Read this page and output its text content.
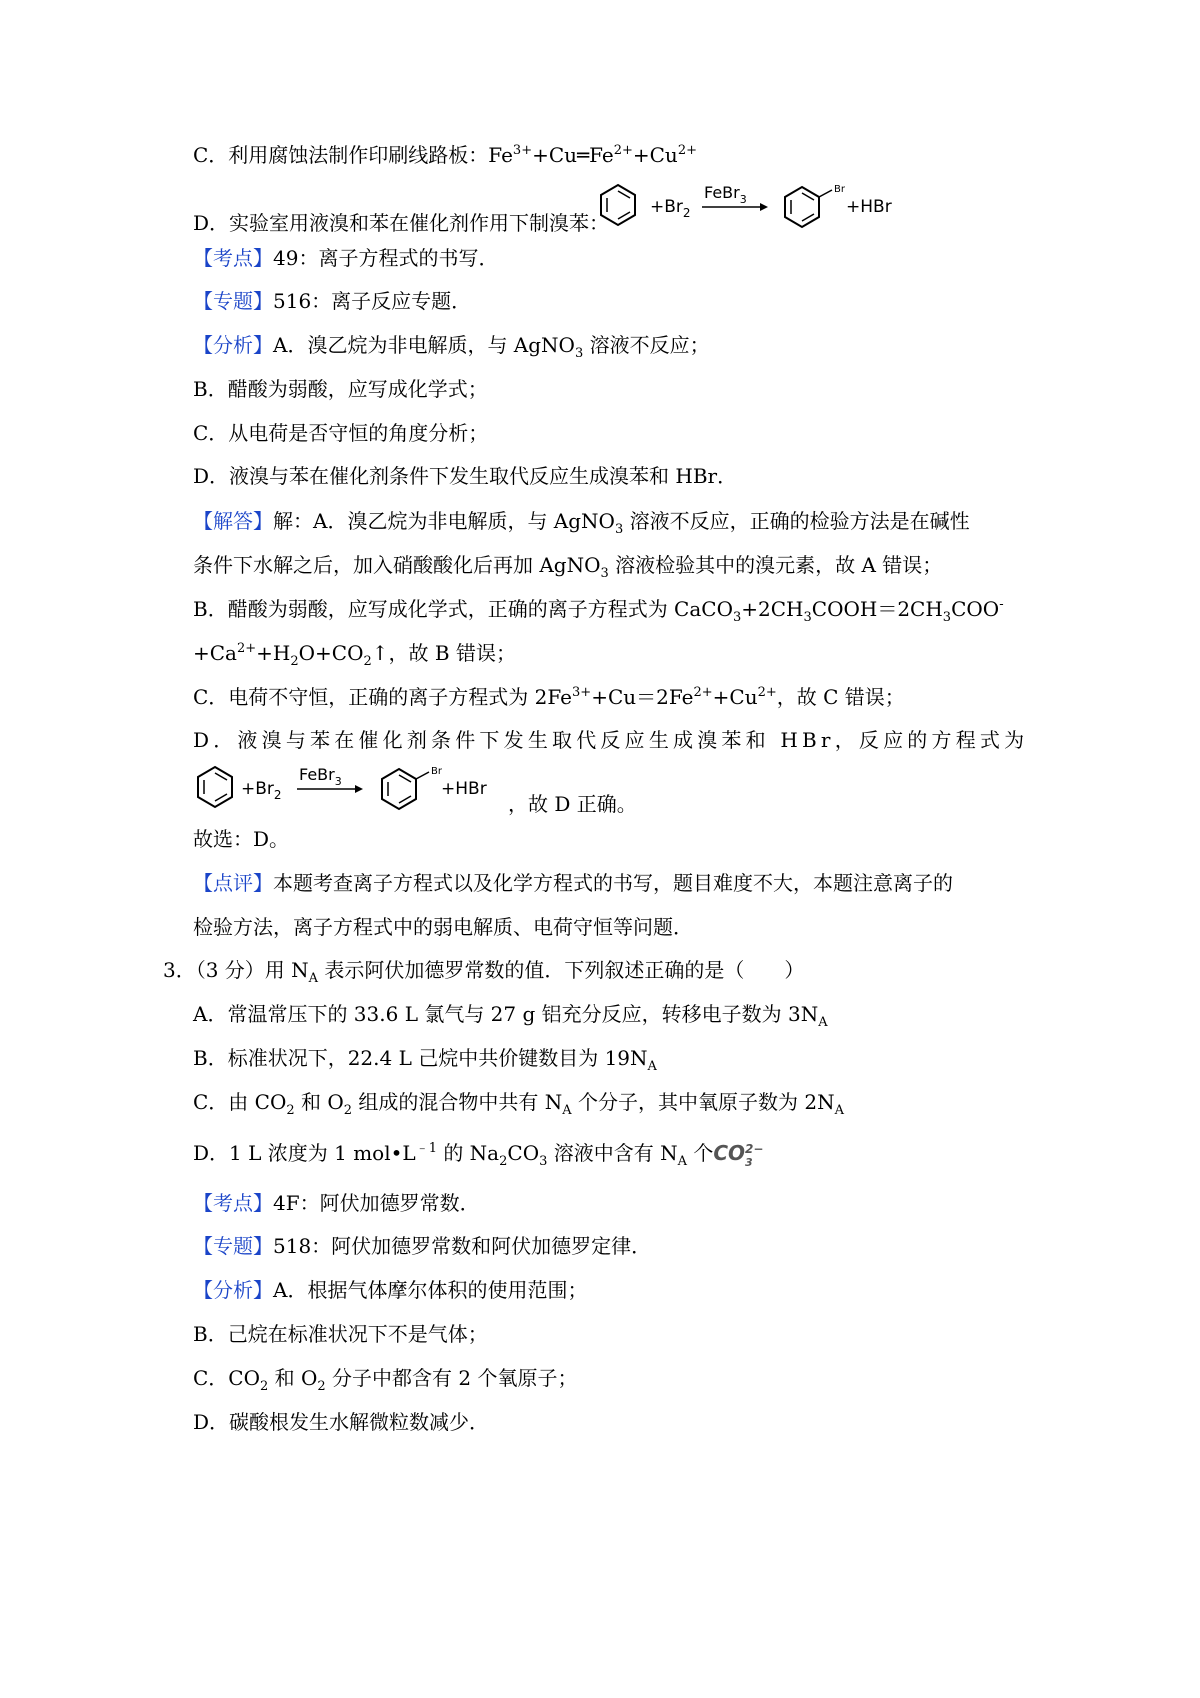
C．利用腐蚀法制作印刷线路板：$Fe^{3+}+Cu═Fe^{2+}+Cu^{2+}$
D．实验室用液溴和苯在催化剂作用下制溴苯：
$+Br_2$
FeBr$_3$
Br
+HBr
【考点】49：离子方程式的书写．
【专题】516：离子反应专题．
【分析】A．溴乙烷为非电解质，与 AgNO$_3$ 溶液不反应；
B．醋酸为弱酸，应写成化学式；
C．从电荷是否守恒的角度分析；
D．液溴与苯在催化剂条件下发生取代反应生成溴苯和 HBr．
【解答】解：A．溴乙烷为非电解质，与 AgNO$_3$ 溶液不反应，正确的检验方法是在碱性
条件下水解之后，加入硝酸酸化后再加 AgNO$_3$ 溶液检验其中的溴元素，故 A 错误；
B．醋酸为弱酸，应写成化学式，正确的离子方程式为 $CaCO_3+2CH_3COOH=2CH_3COO^-$
$+Ca^{2+}+H_2O+CO_2↑$，故 B 错误；
C．电荷不守恒，正确的离子方程式为 $2Fe^{3+}+Cu=2Fe^{2+}+Cu^{2+}$，故 C 错误；
D．液溴与苯在催化剂条件下发生取代反应生成溴苯和 HBr，反应的方程式为
$+Br_2$
FeBr$_3$
Br
+HBr
，故 D 正确。
故选：D。
【点评】本题考查离子方程式以及化学方程式的书写，题目难度不大，本题注意离子的
检验方法，离子方程式中的弱电解质、电荷守恒等问题．
3．（3 分）用 $N_A$ 表示阿伏加德罗常数的值．下列叙述正确的是（　　）
A．常温常压下的 33.6 L 氯气与 27 g 铝充分反应，转移电子数为 $3N_A$
B．标准状况下，22.4 L 己烷中共价键数目为 $19N_A$
C．由 $CO_2$ 和 $O_2$ 组成的混合物中共有 $N_A$ 个分子，其中氧原子数为 $2N_A$
D．1 L 浓度为 1 $mol•L^{﹣1}$ 的 $Na_2CO_3$ 溶液中含有 $N_A$ 个CO 2−
3
【考点】4F：阿伏加德罗常数．
【专题】518：阿伏加德罗常数和阿伏加德罗定律．
【分析】A．根据气体摩尔体积的使用范围；
B．己烷在标准状况下不是气体；
C．$CO_2$ 和 $O_2$ 分子中都含有 2 个氧原子；
D．碳酸根发生水解微粒数减少．
